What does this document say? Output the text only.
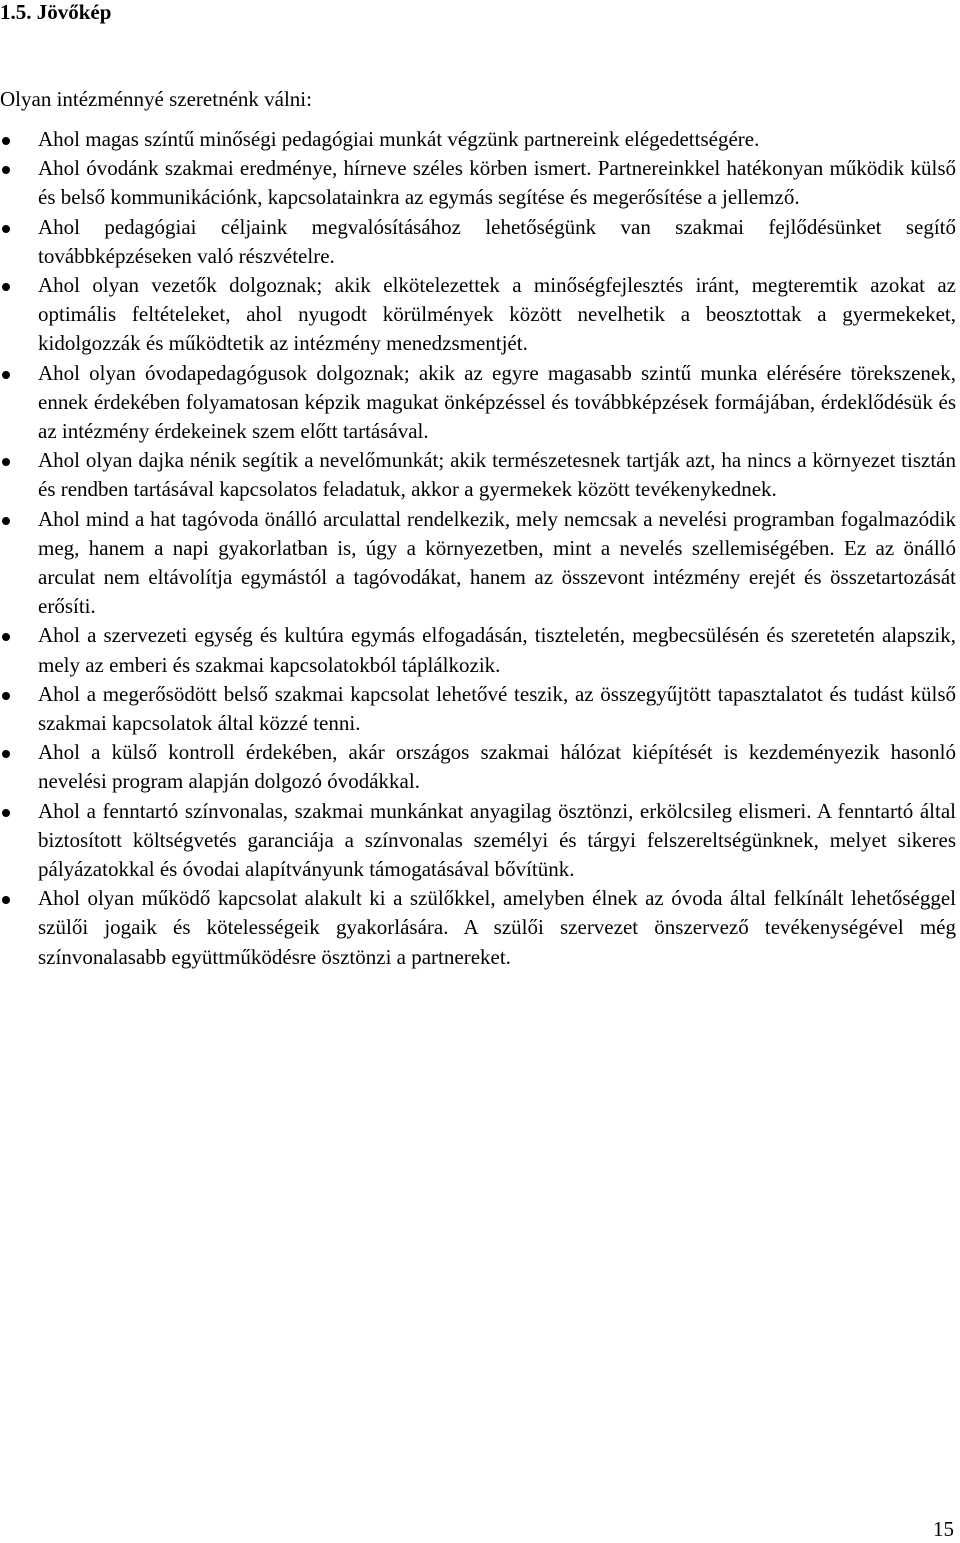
1.5. Jövőkép

Olyan intézménnyé szeretnénk válni:

Ahol magas színtű minőségi pedagógiai munkát végzünk partnereink elégedettségére.
Ahol óvodánk szakmai eredménye, hírneve széles körben ismert. Partnereinkkel hatékonyan működik külső és belső kommunikációnk, kapcsolatainkra az egymás segítése és megerősítése a jellemző.
Ahol pedagógiai céljaink megvalósításához lehetőségünk van szakmai fejlődésünket segítő továbbképzéseken való részvételre.
Ahol olyan vezetők dolgoznak; akik elkötelezettek a minőségfejlesztés iránt, megteremtik azokat az optimális feltételeket, ahol nyugodt körülmények között nevelhetik a beosztottak a gyermekeket, kidolgozzák és működtetik az intézmény menedzsmentjét.
Ahol olyan óvodapedagógusok dolgoznak; akik az egyre magasabb szintű munka elérésére törekszenek, ennek érdekében folyamatosan képzik magukat önképzéssel és továbbképzések formájában, érdeklődésük és az intézmény érdekeinek szem előtt tartásával.
Ahol olyan dajka nénik segítik a nevelőmunkát; akik természetesnek tartják azt, ha nincs a környezet tisztán és rendben tartásával kapcsolatos feladatuk, akkor a gyermekek között tevékenykednek.
Ahol mind a hat tagóvoda önálló arculattal rendelkezik, mely nemcsak a nevelési programban fogalmazódik meg, hanem a napi gyakorlatban is, úgy a környezetben, mint a nevelés szellemiségében. Ez az önálló arculat nem eltávolítja egymástól a tagóvodákat, hanem az összevont intézmény erejét és összetartozását erősíti.
Ahol a szervezeti egység és kultúra egymás elfogadásán, tiszteletén, megbecsülésén és szeretetén alapszik, mely az emberi és szakmai kapcsolatokból táplálkozik.
Ahol a megerősödött belső szakmai kapcsolat lehetővé teszik, az összegyűjtött tapasztalatot és tudást külső szakmai kapcsolatok által közzé tenni.
Ahol a külső kontroll érdekében, akár országos szakmai hálózat kiépítését is kezdeményezik hasonló nevelési program alapján dolgozó óvodákkal.
Ahol a fenntartó színvonalas, szakmai munkánkat anyagilag ösztönzi, erkölcsileg elismeri. A fenntartó által biztosított költségvetés garanciája a színvonalas személyi és tárgyi felszereltségünknek, melyet sikeres pályázatokkal és óvodai alapítványunk támogatásával bővítünk.
Ahol olyan működő kapcsolat alakult ki a szülőkkel, amelyben élnek az óvoda által felkínált lehetőséggel szülői jogaik és kötelességeik gyakorlására. A szülői szervezet önszervező tevékenységével még színvonalasabb együttműködésre ösztönzi a partnereket.
15
